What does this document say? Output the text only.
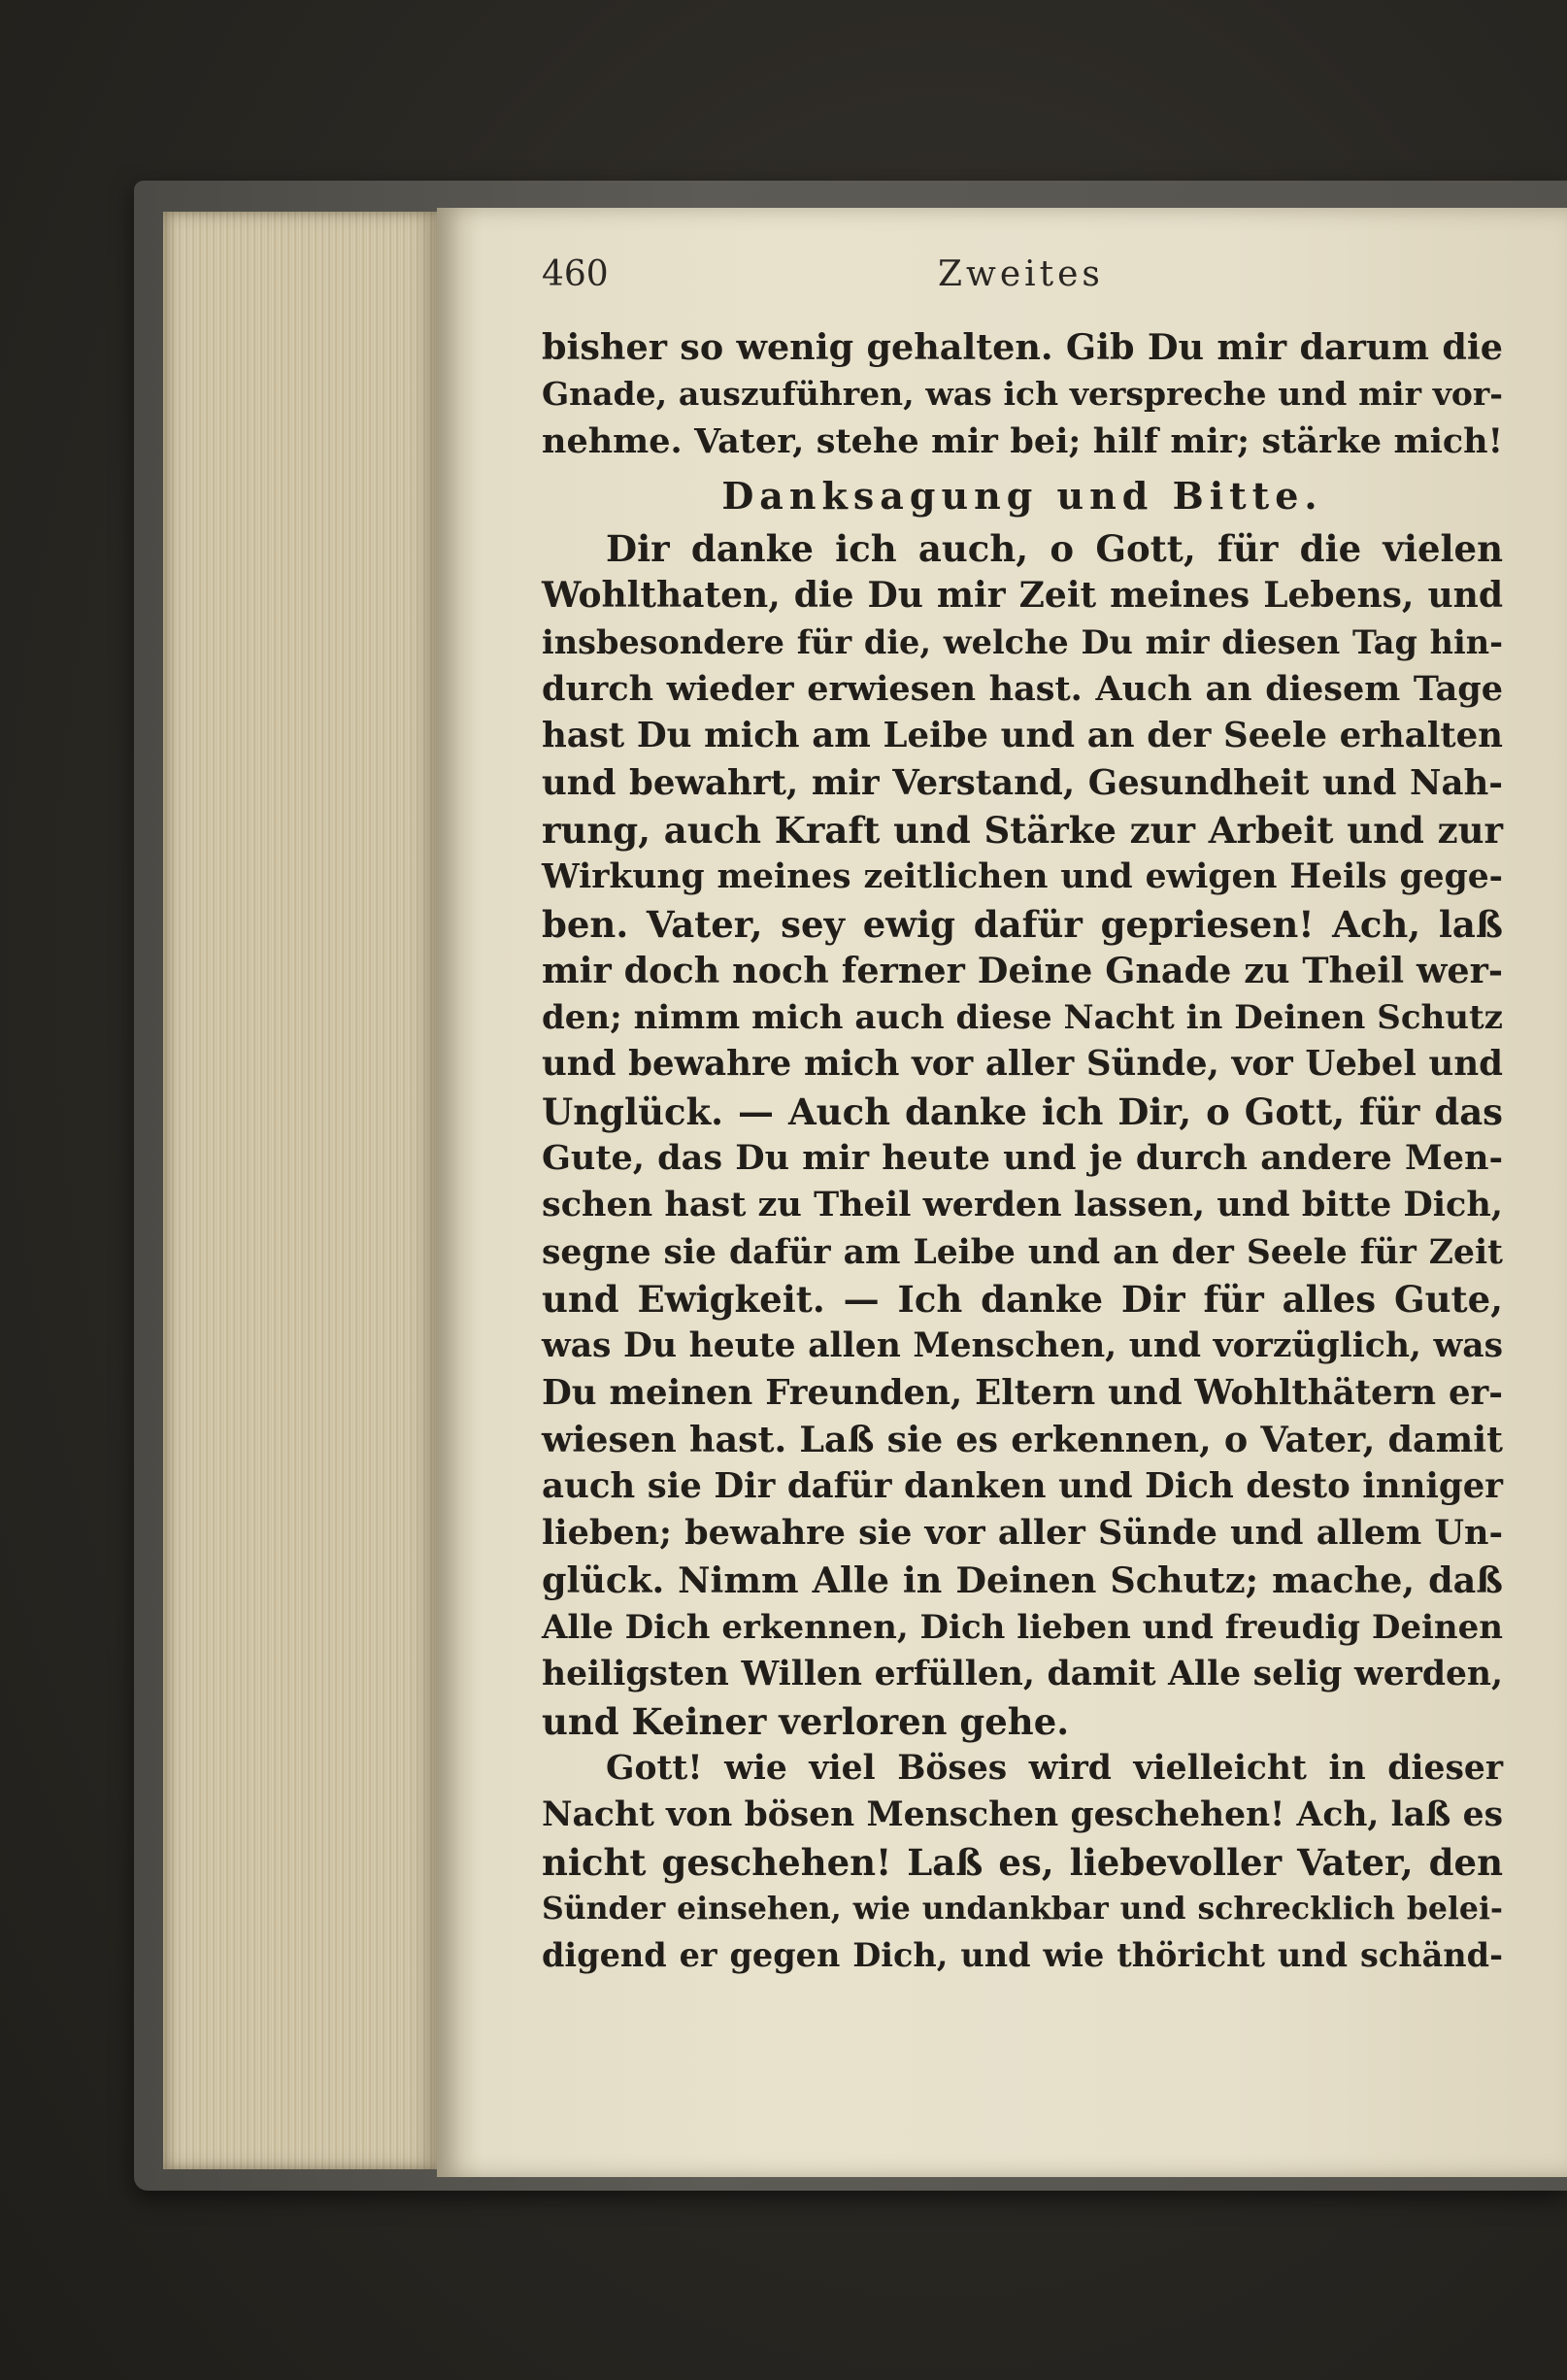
460	Zweites
bisher so wenig gehalten. Gib Du mir darum die
Gnade, auszuführen, was ich verspreche und mir vor-
nehme. Vater, stehe mir bei; hilf mir; stärke mich!
Danksagung und Bitte.
Dir danke ich auch, o Gott, für die vielen
Wohlthaten, die Du mir Zeit meines Lebens, und
insbesondere für die, welche Du mir diesen Tag hin-
durch wieder erwiesen hast. Auch an diesem Tage
hast Du mich am Leibe und an der Seele erhalten
und bewahrt, mir Verstand, Gesundheit und Nah-
rung, auch Kraft und Stärke zur Arbeit und zur
Wirkung meines zeitlichen und ewigen Heils gege-
ben. Vater, sey ewig dafür gepriesen! Ach, laß
mir doch noch ferner Deine Gnade zu Theil wer-
den; nimm mich auch diese Nacht in Deinen Schutz
und bewahre mich vor aller Sünde, vor Uebel und
Unglück. — Auch danke ich Dir, o Gott, für das
Gute, das Du mir heute und je durch andere Men-
schen hast zu Theil werden lassen, und bitte Dich,
segne sie dafür am Leibe und an der Seele für Zeit
und Ewigkeit. — Ich danke Dir für alles Gute,
was Du heute allen Menschen, und vorzüglich, was
Du meinen Freunden, Eltern und Wohlthätern er-
wiesen hast. Laß sie es erkennen, o Vater, damit
auch sie Dir dafür danken und Dich desto inniger
lieben; bewahre sie vor aller Sünde und allem Un-
glück. Nimm Alle in Deinen Schutz; mache, daß
Alle Dich erkennen, Dich lieben und freudig Deinen
heiligsten Willen erfüllen, damit Alle selig werden,
und Keiner verloren gehe.
Gott! wie viel Böses wird vielleicht in dieser
Nacht von bösen Menschen geschehen! Ach, laß es
nicht geschehen! Laß es, liebevoller Vater, den
Sünder einsehen, wie undankbar und schrecklich belei-
digend er gegen Dich, und wie thöricht und schänd-
